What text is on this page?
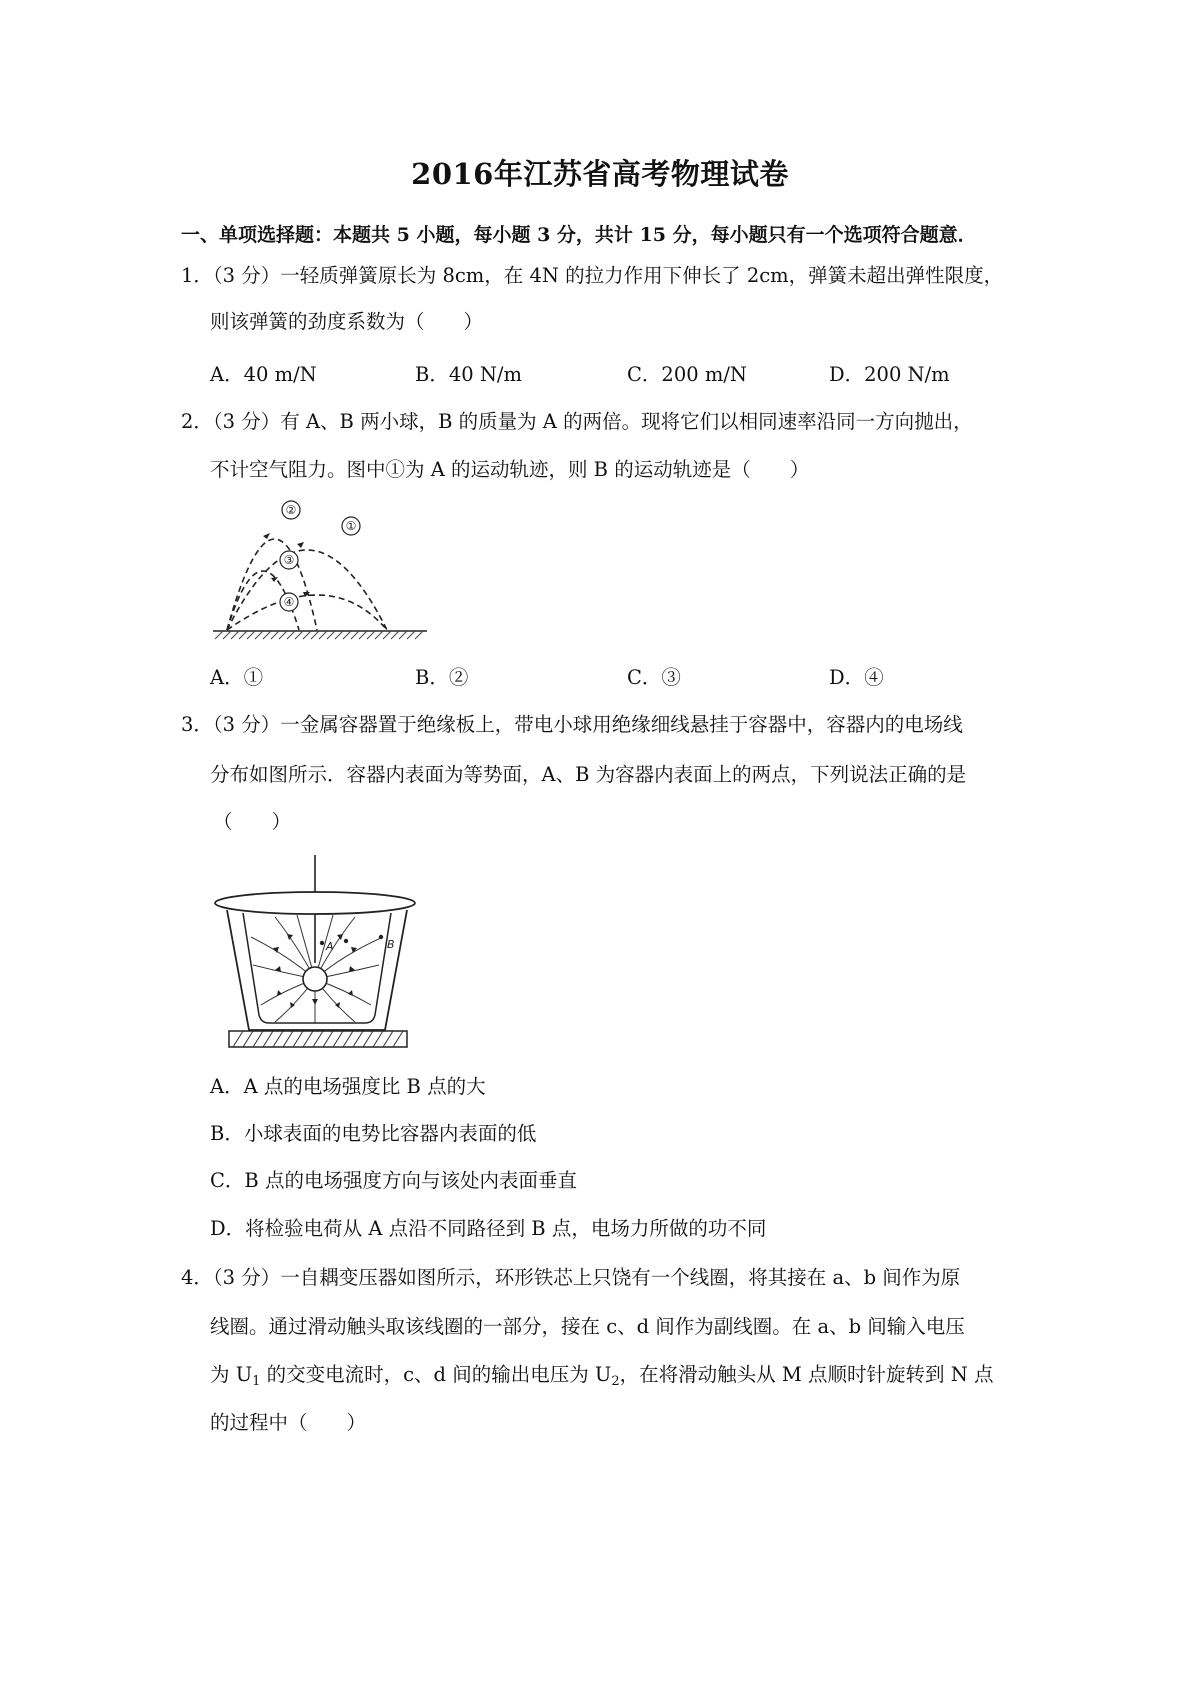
2016年江苏省高考物理试卷
一、单项选择题：本题共 5 小题，每小题 3 分，共计 15 分，每小题只有一个选项符合题意．
1．（3 分）一轻质弹簧原长为 8cm，在 4N 的拉力作用下伸长了 2cm，弹簧未超出弹性限度，
则该弹簧的劲度系数为（　　）
A．40 m/N	B．40 N/m	C．200 m/N	D．200 N/m
2．（3 分）有 A、B 两小球，B 的质量为 A 的两倍。现将它们以相同速率沿同一方向抛出，
不计空气阻力。图中①为 A 的运动轨迹，则 B 的运动轨迹是（　　）
②
①
③
④
A．①	B．②	C．③	D．④
3．（3 分）一金属容器置于绝缘板上，带电小球用绝缘细线悬挂于容器中，容器内的电场线
分布如图所示．容器内表面为等势面，A、B 为容器内表面上的两点，下列说法正确的是
（　　）
A	B
A．A 点的电场强度比 B 点的大
B．小球表面的电势比容器内表面的低
C．B 点的电场强度方向与该处内表面垂直
D．将检验电荷从 A 点沿不同路径到 B 点，电场力所做的功不同
4．（3 分）一自耦变压器如图所示，环形铁芯上只饶有一个线圈，将其接在 a、b 间作为原
线圈。通过滑动触头取该线圈的一部分，接在 c、d 间作为副线圈。在 a、b 间输入电压
为 $U_1$ 的交变电流时，c、d 间的输出电压为 $U_2$，在将滑动触头从 M 点顺时针旋转到 N 点
的过程中（　　）
